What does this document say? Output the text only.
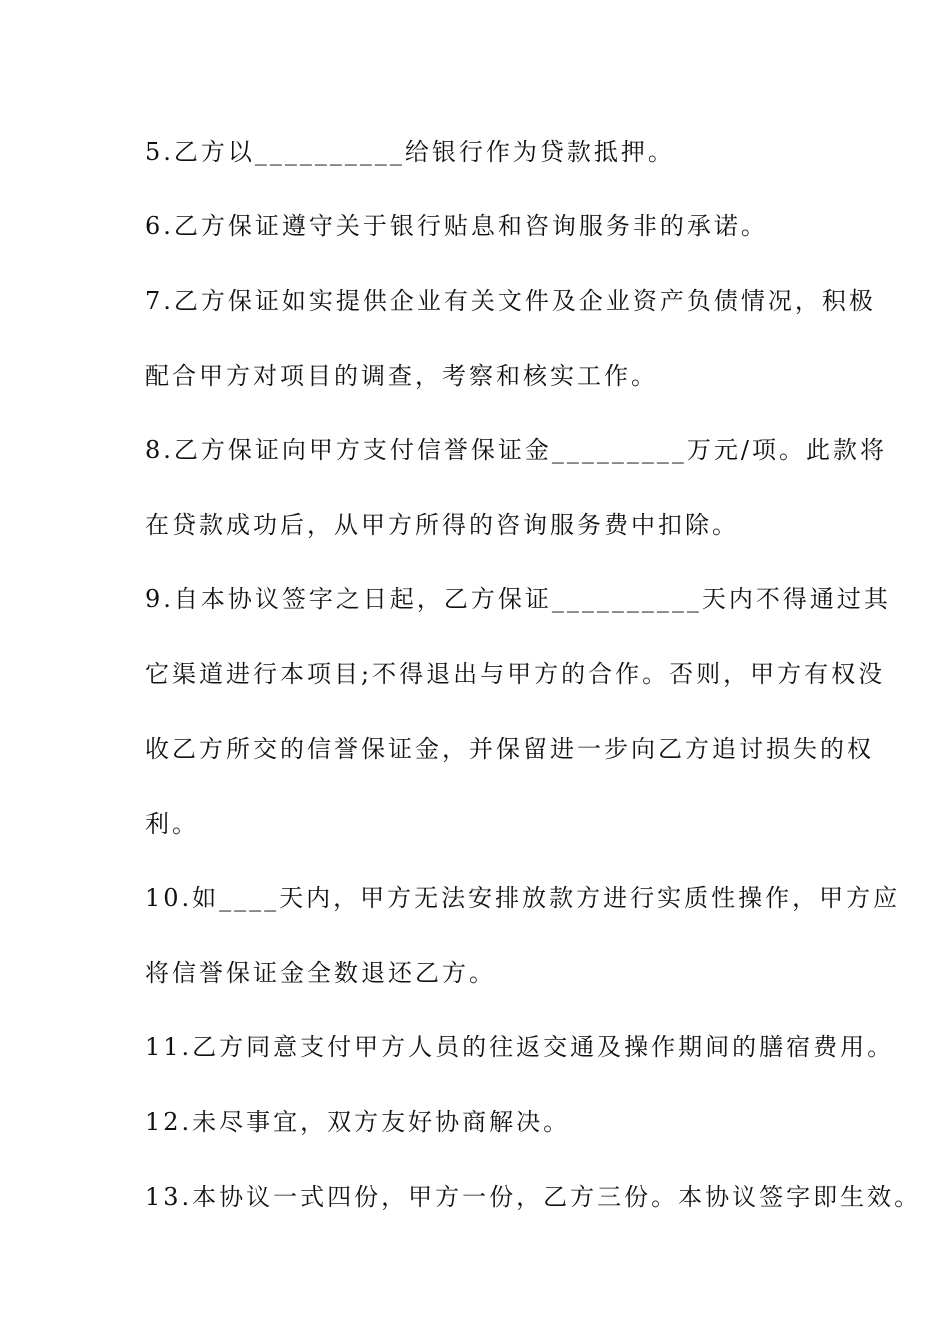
5.乙方以__________给银行作为贷款抵押。
6.乙方保证遵守关于银行贴息和咨询服务非的承诺。
7.乙方保证如实提供企业有关文件及企业资产负债情况，积极
配合甲方对项目的调查，考察和核实工作。
8.乙方保证向甲方支付信誉保证金_________万元/项。此款将
在贷款成功后，从甲方所得的咨询服务费中扣除。
9.自本协议签字之日起，乙方保证__________天内不得通过其
它渠道进行本项目;不得退出与甲方的合作。否则，甲方有权没
收乙方所交的信誉保证金，并保留进一步向乙方追讨损失的权
利。
10.如____天内，甲方无法安排放款方进行实质性操作，甲方应
将信誉保证金全数退还乙方。
11.乙方同意支付甲方人员的往返交通及操作期间的膳宿费用。
12.未尽事宜，双方友好协商解决。
13.本协议一式四份，甲方一份，乙方三份。本协议签字即生效。
